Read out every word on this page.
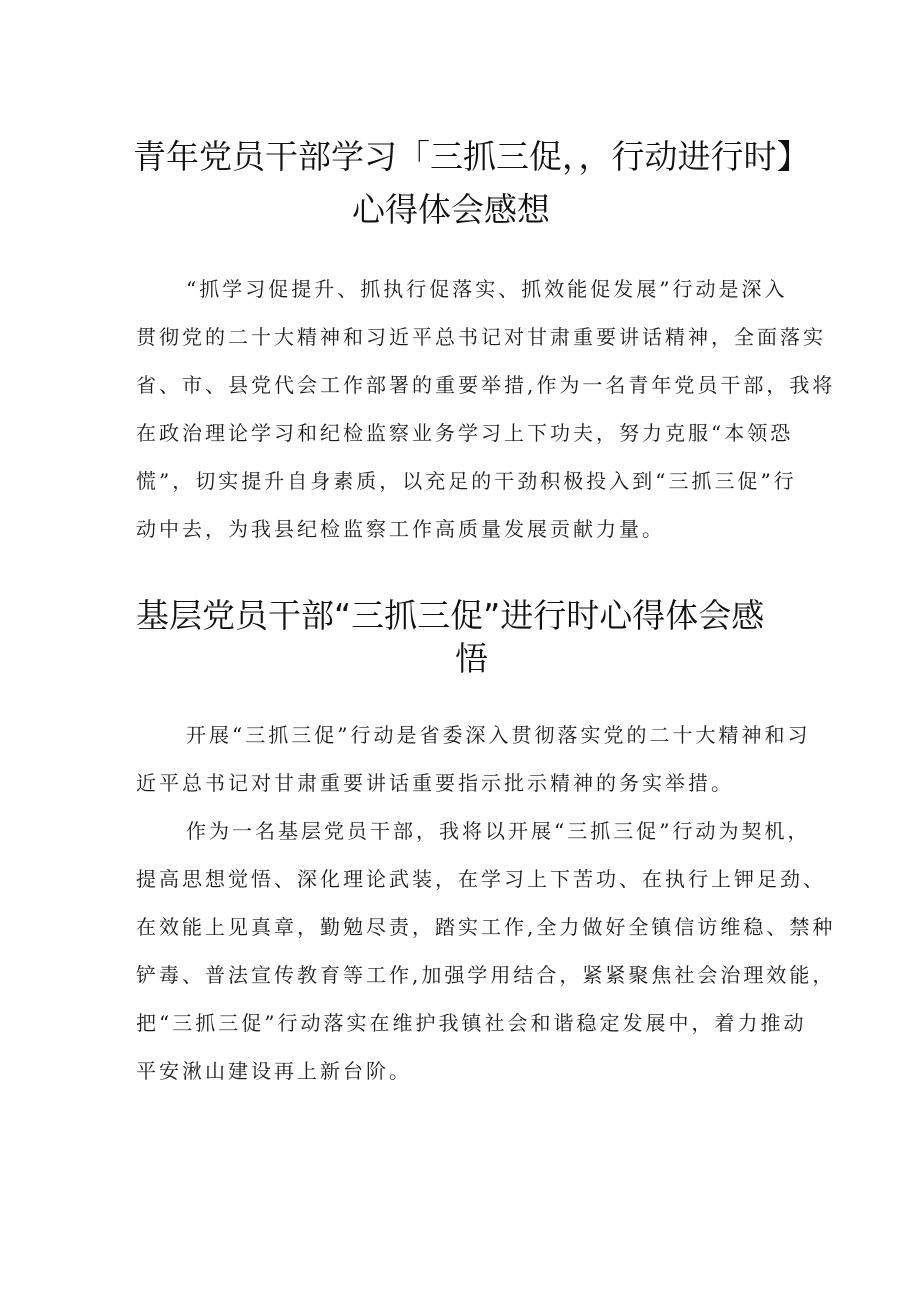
青年党员干部学习「三抓三促，，行动进行时】
心得体会感想
“抓学习促提升、抓执行促落实、抓效能促发展”行动是深入
贯彻党的二十大精神和习近平总书记对甘肃重要讲话精神，全面落实
省、市、县党代会工作部署的重要举措,作为一名青年党员干部，我将
在政治理论学习和纪检监察业务学习上下功夫，努力克服“本领恐
慌”，切实提升自身素质，以充足的干劲积极投入到“三抓三促”行
动中去，为我县纪检监察工作高质量发展贡献力量。
基层党员干部“三抓三促”进行时心得体会感
悟
开展“三抓三促”行动是省委深入贯彻落实党的二十大精神和习
近平总书记对甘肃重要讲话重要指示批示精神的务实举措。
作为一名基层党员干部，我将以开展“三抓三促”行动为契机，
提高思想觉悟、深化理论武装，在学习上下苦功、在执行上钾足劲、
在效能上见真章，勤勉尽责，踏实工作,全力做好全镇信访维稳、禁种
铲毒、普法宣传教育等工作,加强学用结合，紧紧聚焦社会治理效能，
把“三抓三促”行动落实在维护我镇社会和谐稳定发展中，着力推动
平安湫山建设再上新台阶。
